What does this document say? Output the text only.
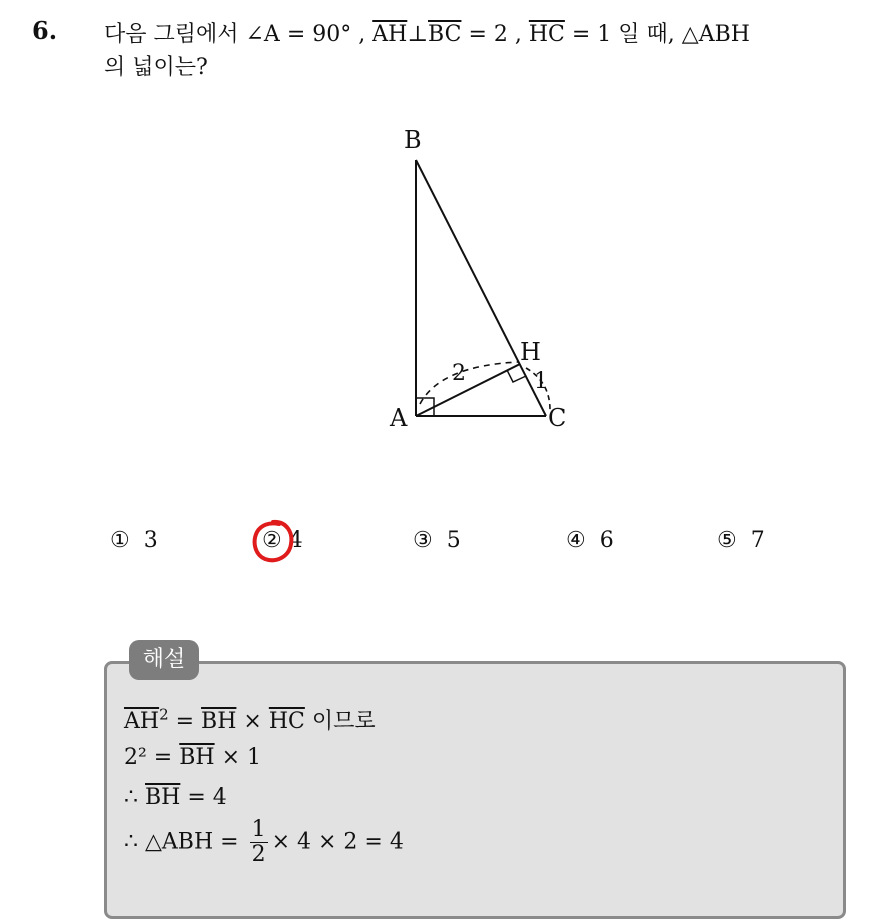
6. 다음 그림에서 ∠A = 90° , $\overline{AH}\perp\overline{BC} = 2$ , $\overline{HC} = 1$ 일 때, △ABH
의 넓이는?
B
H
A	C
2	1
① 3	② 4	③ 5	④ 6	⑤ 7
해설
$\overline{AH}^2 = \overline{BH} \times \overline{HC}$ 이므로
$2^2 = \overline{BH} \times 1$
∴ $\overline{BH} = 4$
∴ △ABH = $\frac{1}{2} \times 4 \times 2 = 4$
